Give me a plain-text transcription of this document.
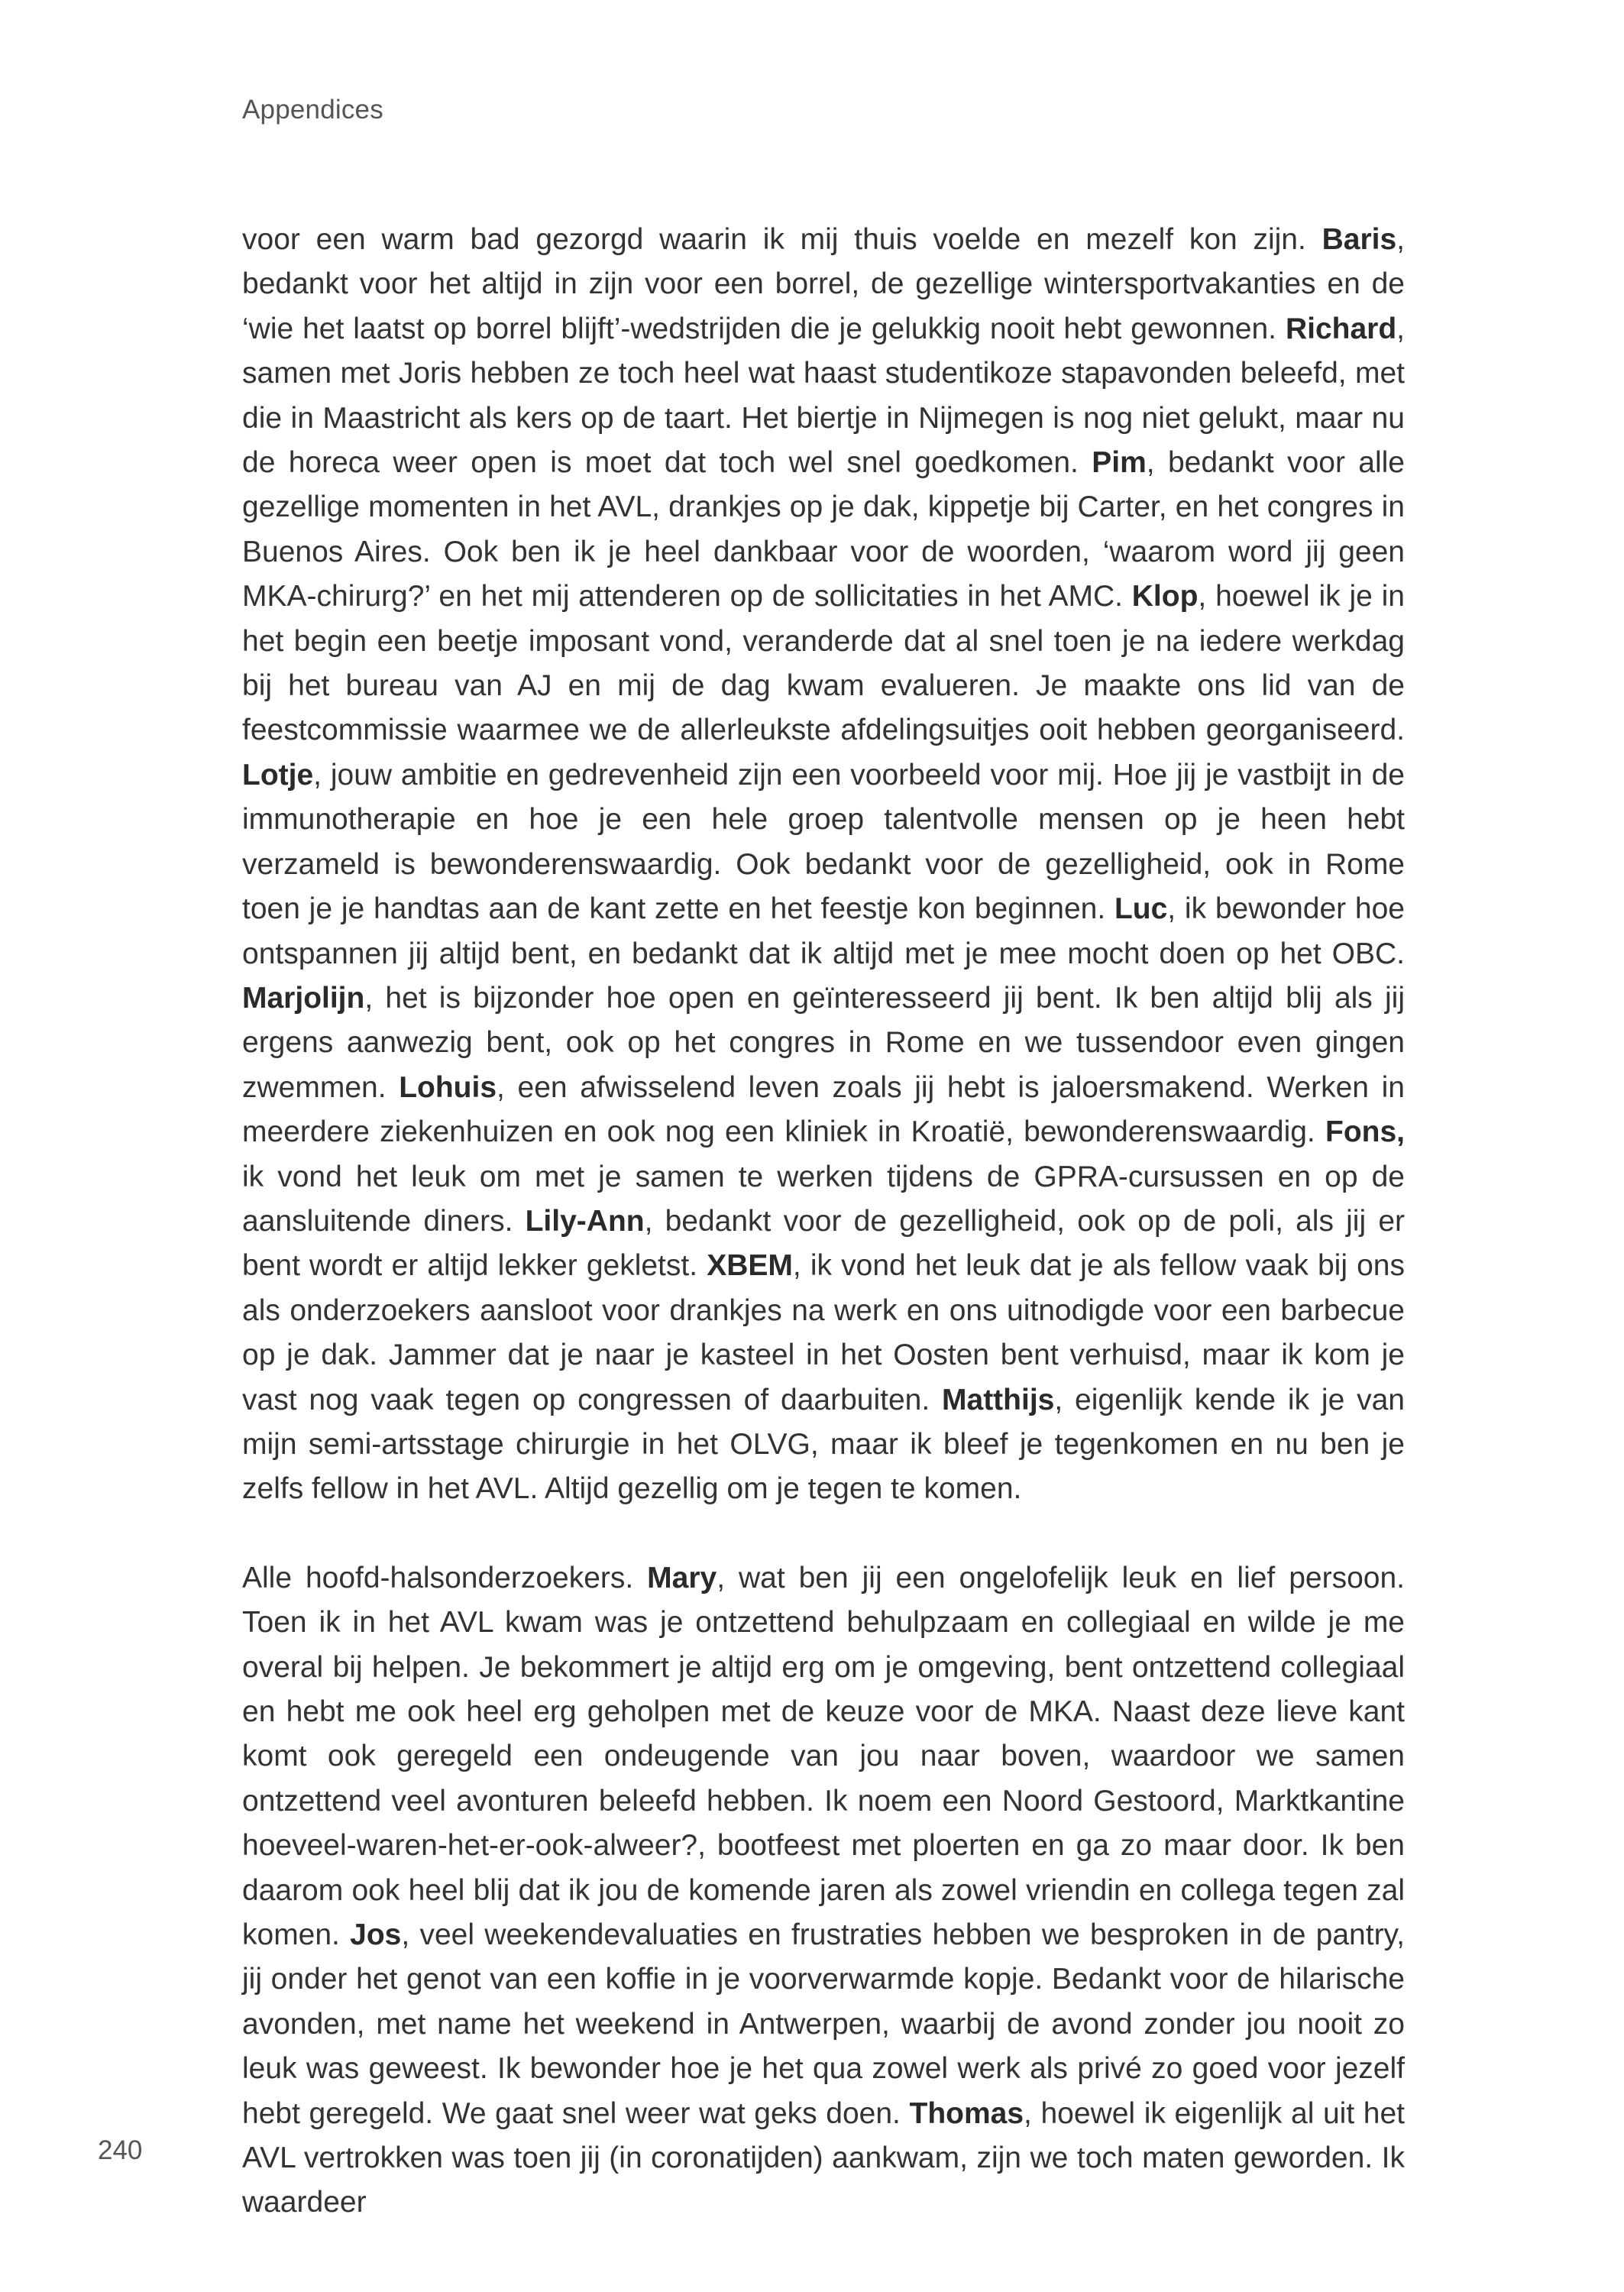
Appendices

voor een warm bad gezorgd waarin ik mij thuis voelde en mezelf kon zijn. Baris, bedankt voor het altijd in zijn voor een borrel, de gezellige wintersportvakanties en de ‘wie het laatst op borrel blijft’-wedstrijden die je gelukkig nooit hebt gewonnen. Richard, samen met Joris hebben ze toch heel wat haast studentikoze stapavonden beleefd, met die in Maastricht als kers op de taart. Het biertje in Nijmegen is nog niet gelukt, maar nu de horeca weer open is moet dat toch wel snel goedkomen. Pim, bedankt voor alle gezellige momenten in het AVL, drankjes op je dak, kippetje bij Carter, en het congres in Buenos Aires. Ook ben ik je heel dankbaar voor de woorden, ‘waarom word jij geen MKA-chirurg?’ en het mij attenderen op de sollicitaties in het AMC. Klop, hoewel ik je in het begin een beetje imposant vond, veranderde dat al snel toen je na iedere werkdag bij het bureau van AJ en mij de dag kwam evalueren. Je maakte ons lid van de feestcommissie waarmee we de allerleukste afdelingsuitjes ooit hebben georganiseerd. Lotje, jouw ambitie en gedrevenheid zijn een voorbeeld voor mij. Hoe jij je vastbijt in de immunotherapie en hoe je een hele groep talentvolle mensen op je heen hebt verzameld is bewonderenswaardig. Ook bedankt voor de gezelligheid, ook in Rome toen je je handtas aan de kant zette en het feestje kon beginnen. Luc, ik bewonder hoe ontspannen jij altijd bent, en bedankt dat ik altijd met je mee mocht doen op het OBC. Marjolijn, het is bijzonder hoe open en geïnteresseerd jij bent. Ik ben altijd blij als jij ergens aanwezig bent, ook op het congres in Rome en we tussendoor even gingen zwemmen. Lohuis, een afwisselend leven zoals jij hebt is jaloersmakend. Werken in meerdere ziekenhuizen en ook nog een kliniek in Kroatië, bewonderenswaardig. Fons, ik vond het leuk om met je samen te werken tijdens de GPRA-cursussen en op de aansluitende diners. Lily-Ann, bedankt voor de gezelligheid, ook op de poli, als jij er bent wordt er altijd lekker gekletst. XBEM, ik vond het leuk dat je als fellow vaak bij ons als onderzoekers aansloot voor drankjes na werk en ons uitnodigde voor een barbecue op je dak. Jammer dat je naar je kasteel in het Oosten bent verhuisd, maar ik kom je vast nog vaak tegen op congressen of daarbuiten. Matthijs, eigenlijk kende ik je van mijn semi-artsstage chirurgie in het OLVG, maar ik bleef je tegenkomen en nu ben je zelfs fellow in het AVL. Altijd gezellig om je tegen te komen.

Alle hoofd-halsonderzoekers. Mary, wat ben jij een ongelofelijk leuk en lief persoon. Toen ik in het AVL kwam was je ontzettend behulpzaam en collegiaal en wilde je me overal bij helpen. Je bekommert je altijd erg om je omgeving, bent ontzettend collegiaal en hebt me ook heel erg geholpen met de keuze voor de MKA. Naast deze lieve kant komt ook geregeld een ondeugende van jou naar boven, waardoor we samen ontzettend veel avonturen beleefd hebben. Ik noem een Noord Gestoord, Marktkantine hoeveel-waren-het-er-ook-alweer?, bootfeest met ploerten en ga zo maar door. Ik ben daarom ook heel blij dat ik jou de komende jaren als zowel vriendin en collega tegen zal komen. Jos, veel weekendevaluaties en frustraties hebben we besproken in de pantry, jij onder het genot van een koffie in je voorverwarmde kopje. Bedankt voor de hilarische avonden, met name het weekend in Antwerpen, waarbij de avond zonder jou nooit zo leuk was geweest. Ik bewonder hoe je het qua zowel werk als privé zo goed voor jezelf hebt geregeld. We gaat snel weer wat geks doen. Thomas, hoewel ik eigenlijk al uit het AVL vertrokken was toen jij (in coronatijden) aankwam, zijn we toch maten geworden. Ik waardeer

240
